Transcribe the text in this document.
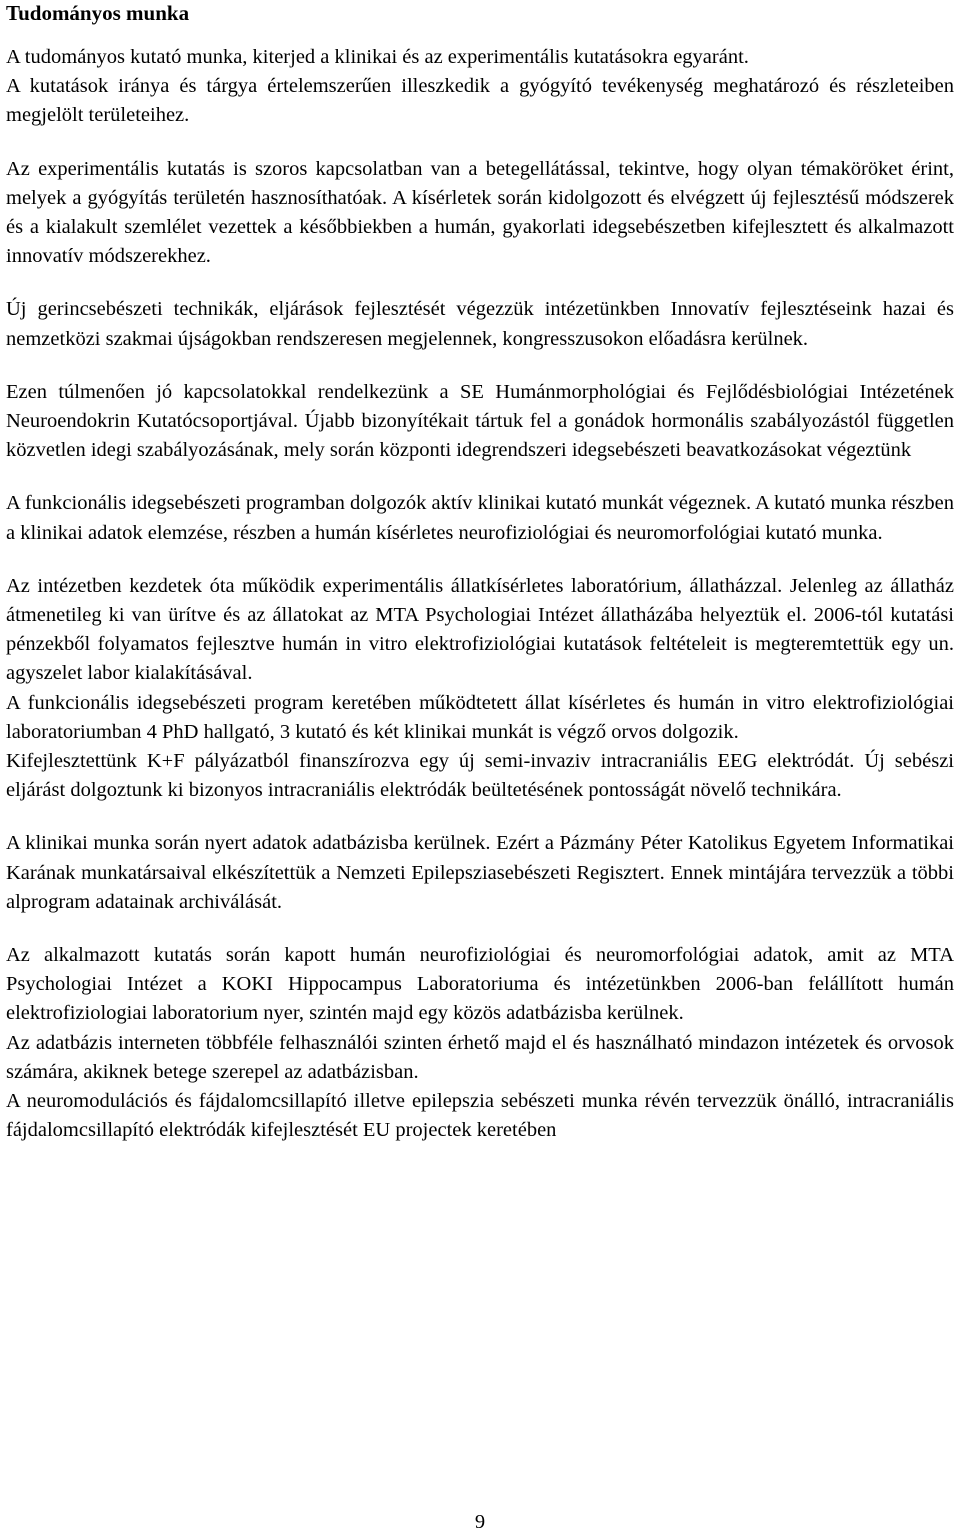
Tudományos munka

A tudományos kutató munka, kiterjed a klinikai és az experimentális kutatásokra egyaránt.

A kutatások iránya és tárgya értelemszerűen illeszkedik a gyógyító tevékenység meghatározó és részleteiben megjelölt területeihez.

Az experimentális kutatás is szoros kapcsolatban van a betegellátással, tekintve, hogy olyan témaköröket érint, melyek a gyógyítás területén hasznosíthatóak. A kísérletek során kidolgozott és elvégzett új fejlesztésű módszerek és a kialakult szemlélet vezettek a későbbiekben a humán, gyakorlati idegsebészetben kifejlesztett és alkalmazott innovatív módszerekhez.

Új gerincsebészeti technikák, eljárások fejlesztését végezzük intézetünkben Innovatív fejlesztéseink hazai és nemzetközi szakmai újságokban rendszeresen megjelennek, kongresszusokon előadásra kerülnek.

Ezen túlmenően jó kapcsolatokkal rendelkezünk a SE Humánmorphológiai és Fejlődésbiológiai Intézetének Neuroendokrin Kutatócsoportjával. Újabb bizonyítékait tártuk fel a gonádok hormonális szabályozástól független közvetlen idegi szabályozásának, mely során központi idegrendszeri idegsebészeti beavatkozásokat végeztünk

A funkcionális idegsebészeti programban dolgozók aktív klinikai kutató munkát végeznek. A kutató munka részben a klinikai adatok elemzése, részben a humán kísérletes neurofiziológiai és neuromorfológiai kutató munka.

Az intézetben kezdetek óta működik experimentális állatkísérletes laboratórium, állatházzal. Jelenleg az állatház átmenetileg ki van ürítve és az állatokat az MTA Psychologiai Intézet állatházába helyeztük el. 2006-tól kutatási pénzekből folyamatos fejlesztve humán in vitro elektrofiziológiai kutatások feltételeit is megteremtettük egy un. agyszelet labor kialakításával.

A funkcionális idegsebészeti program keretében működtetett állat kísérletes és humán in vitro elektrofiziológiai laboratoriumban 4 PhD hallgató, 3 kutató és két klinikai munkát is végző orvos dolgozik.

Kifejlesztettünk K+F pályázatból finanszírozva egy új semi-invaziv intracraniális EEG elektródát. Új sebészi eljárást dolgoztunk ki bizonyos intracraniális elektródák beültetésének pontosságát növelő technikára.

A klinikai munka során nyert adatok adatbázisba kerülnek. Ezért a Pázmány Péter Katolikus Egyetem Informatikai Karának munkatársaival elkészítettük a Nemzeti Epilepsziasebészeti Regisztert. Ennek mintájára tervezzük a többi alprogram adatainak archiválását.

Az alkalmazott kutatás során kapott humán neurofiziológiai és neuromorfológiai adatok, amit az MTA Psychologiai Intézet a KOKI Hippocampus Laboratoriuma és intézetünkben 2006-ban felállított humán elektrofiziologiai laboratorium nyer, szintén majd egy közös adatbázisba kerülnek.

Az adatbázis interneten többféle felhasználói szinten érhető majd el és használható mindazon intézetek és orvosok számára, akiknek betege szerepel az adatbázisban.

A neuromodulációs és fájdalomcsillapító illetve epilepszia sebészeti munka révén tervezzük önálló, intracraniális fájdalomcsillapító elektródák kifejlesztését EU projectek keretében

9
